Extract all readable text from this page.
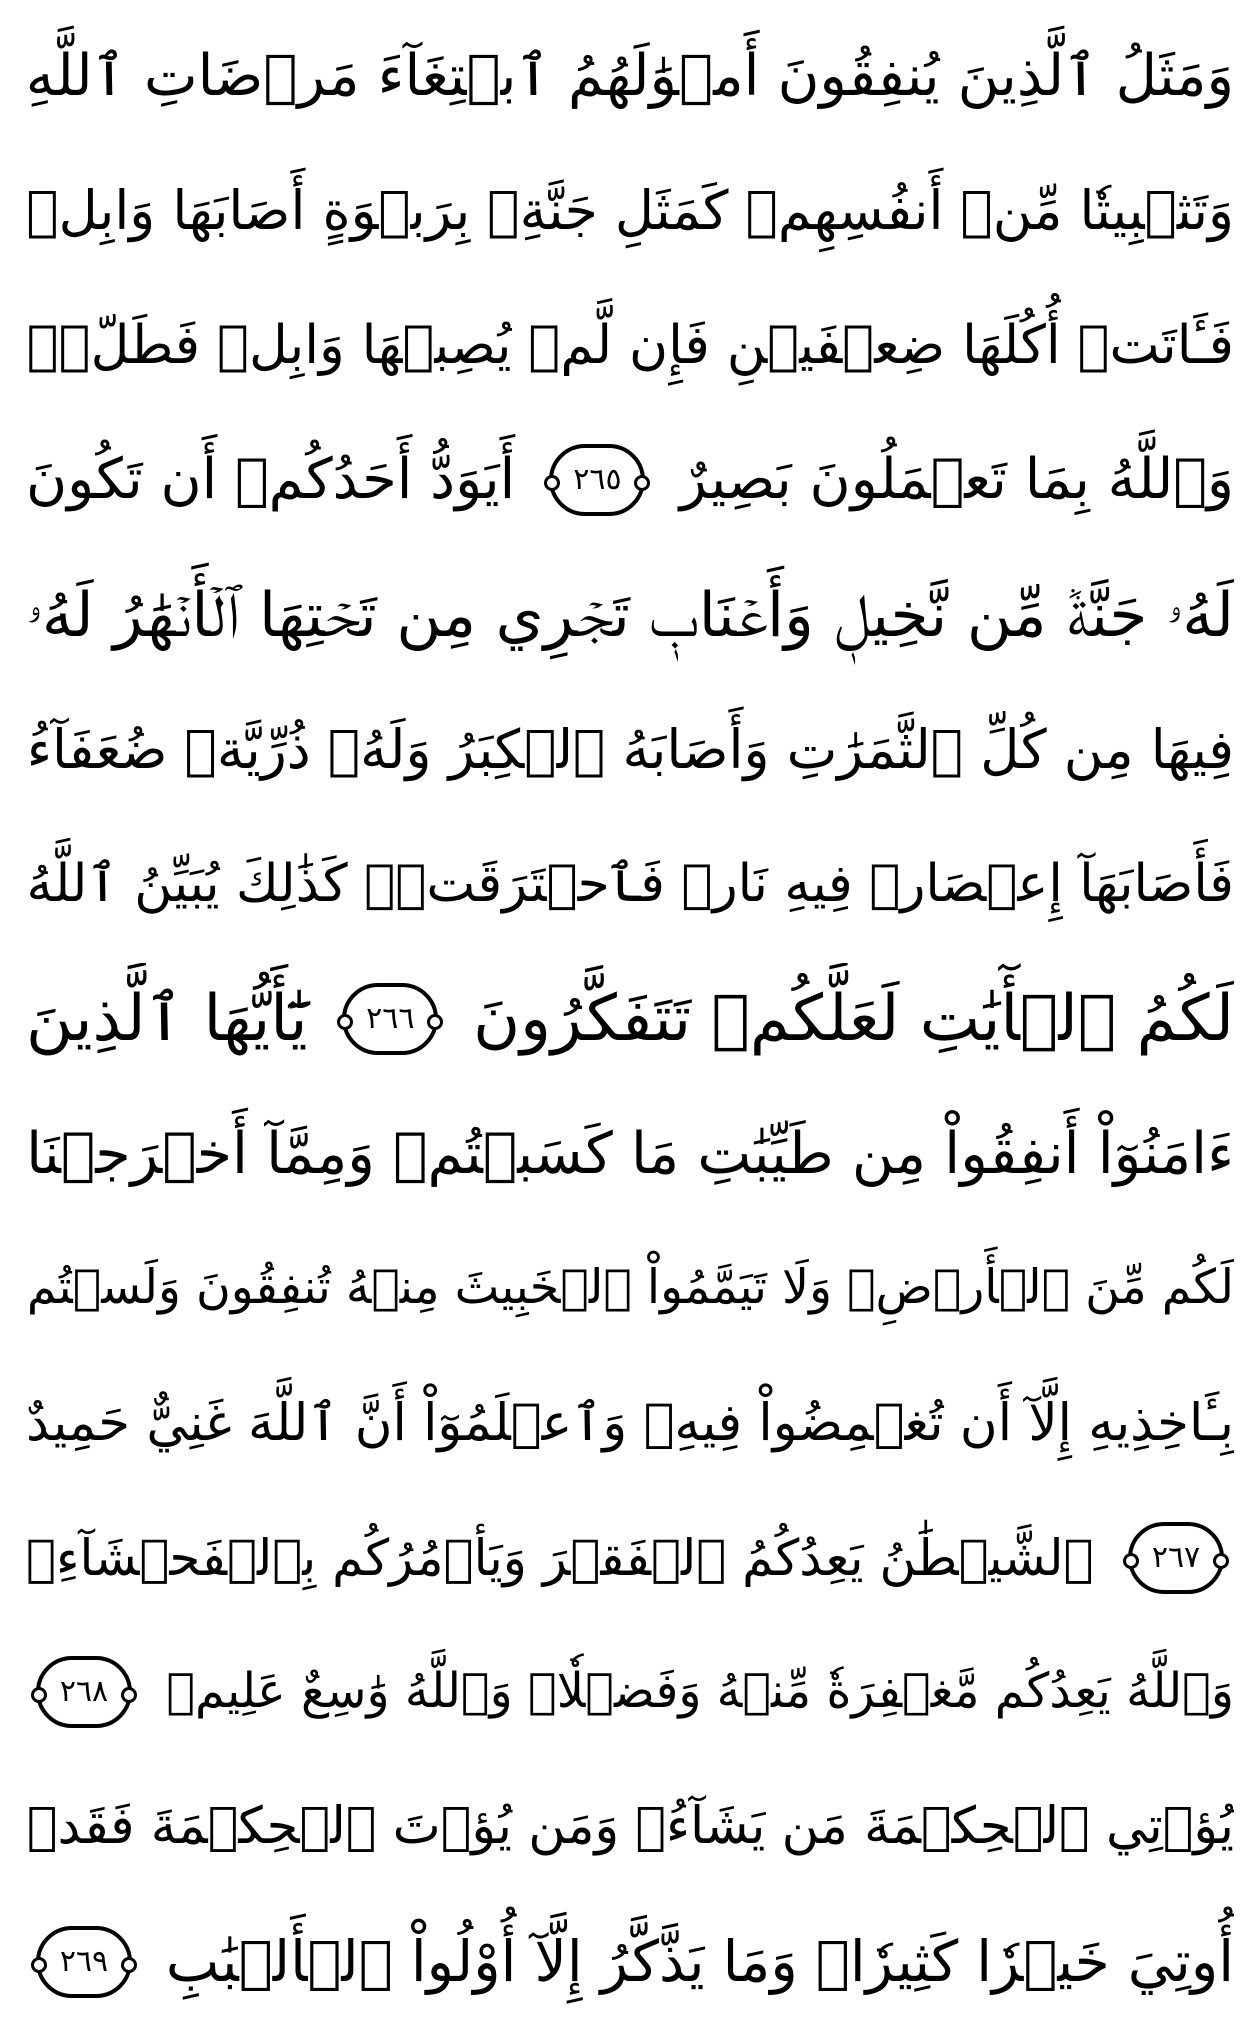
وَمَثَلُ ٱلَّذِينَ يُنفِقُونَ أَمۡوَٰلَهُمُ ٱبۡتِغَآءَ مَرۡضَاتِ ٱللَّهِ
وَتَثۡبِيتٗا مِّنۡ أَنفُسِهِمۡ كَمَثَلِ جَنَّةِۭ بِرَبۡوَةٍ أَصَابَهَا وَابِلٞ
فَـَٔاتَتۡ أُكُلَهَا ضِعۡفَيۡنِ فَإِن لَّمۡ يُصِبۡهَا وَابِلٞ فَطَلّٞۗ
وَٱللَّهُ بِمَا تَعۡمَلُونَ بَصِيرٌ
٢٦٥
أَيَوَدُّ أَحَدُكُمۡ أَن تَكُونَ
لَهُۥ جَنَّةٞ مِّن نَّخِيلٖ وَأَعۡنَابٖ تَجۡرِي مِن تَحۡتِهَا ٱلۡأَنۡهَٰرُ لَهُۥ
فِيهَا مِن كُلِّ ٱلثَّمَرَٰتِ وَأَصَابَهُ ٱلۡكِبَرُ وَلَهُۥ ذُرِّيَّةٞ ضُعَفَآءُ
فَأَصَابَهَآ إِعۡصَارٞ فِيهِ نَارٞ فَٱحۡتَرَقَتۡۗ كَذَٰلِكَ يُبَيِّنُ ٱللَّهُ
لَكُمُ ٱلۡأٓيَٰتِ لَعَلَّكُمۡ تَتَفَكَّرُونَ
٢٦٦
يَٰٓأَيُّهَا ٱلَّذِينَ
ءَامَنُوٓاْ أَنفِقُواْ مِن طَيِّبَٰتِ مَا كَسَبۡتُمۡ وَمِمَّآ أَخۡرَجۡنَا
لَكُم مِّنَ ٱلۡأَرۡضِۖ وَلَا تَيَمَّمُواْ ٱلۡخَبِيثَ مِنۡهُ تُنفِقُونَ وَلَسۡتُم
بِـَٔاخِذِيهِ إِلَّآ أَن تُغۡمِضُواْ فِيهِۚ وَٱعۡلَمُوٓاْ أَنَّ ٱللَّهَ غَنِيٌّ حَمِيدٌ
٢٦٧
ٱلشَّيۡطَٰنُ يَعِدُكُمُ ٱلۡفَقۡرَ وَيَأۡمُرُكُم بِٱلۡفَحۡشَآءِۖ
وَٱللَّهُ يَعِدُكُم مَّغۡفِرَةٗ مِّنۡهُ وَفَضۡلٗاۗ وَٱللَّهُ وَٰسِعٌ عَلِيمٞ
٢٦٨
يُؤۡتِي ٱلۡحِكۡمَةَ مَن يَشَآءُۚ وَمَن يُؤۡتَ ٱلۡحِكۡمَةَ فَقَدۡ
أُوتِيَ خَيۡرٗا كَثِيرٗاۗ وَمَا يَذَّكَّرُ إِلَّآ أُوْلُواْ ٱلۡأَلۡبَٰبِ
٢٦٩
